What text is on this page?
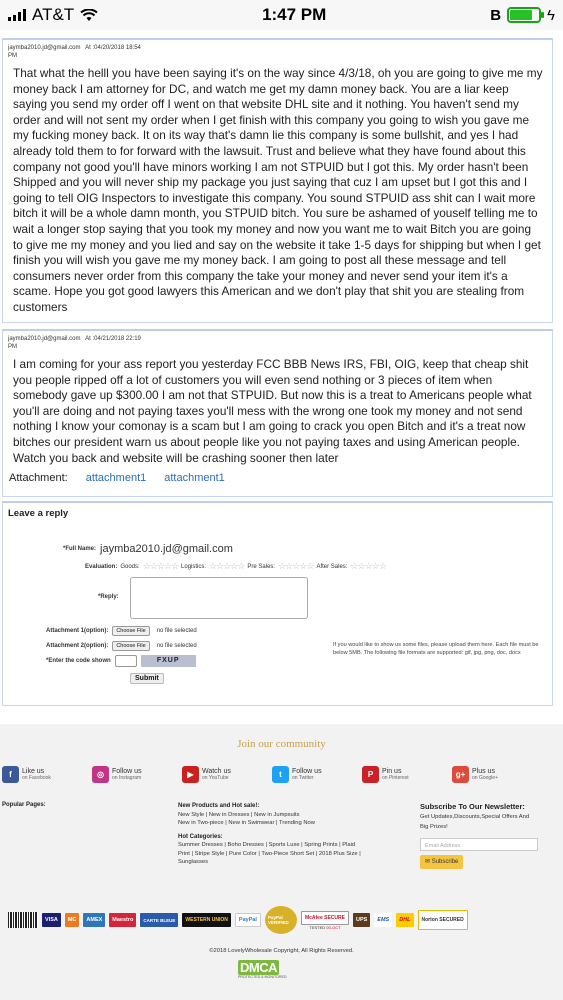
AT&T	1:47 PM	B	ϟ
jaymba2010.jd@gmail.com At :04/20/2018 18:54
PM
That what the helll you have been saying it's on the way since 4/3/18, oh you are going to give me my money back I am attorney for DC, and watch me get my damn money back. You are a liar keep saying you send my order off I went on that website DHL site and it nothing. You haven't send my order and will not sent my order when I get finish with this company you going to wish you gave me my fucking money back. It on its way that's damn lie this company is some bullshit, and yes I had already told them to for forward with the lawsuit. Trust and believe what they have found about this company not good you'll have minors working I am not STPUID but I got this. My order hasn't been Shipped and you will never ship my package you just saying that cuz I am upset but I got this and I going to tell OIG Inspectors to investigate this company. You sound STPUID ass shit can I wait more bitch it will be a whole damn month, you STPUID bitch. You sure be ashamed of youself telling me to wait a longer stop saying that you took my money and now you want me to wait Bitch you are going to give me my money and you lied and say on the website it take 1-5 days for shipping but when I get finish you will wish you gave me my money back. I am going to post all these message and tell consumers never order from this company the take your money and never send your item it's a scame. Hope you got good lawyers this American and we don't play that shit you are stealing from customers
jaymba2010.jd@gmail.com At :04/21/2018 22:19
PM
I am coming for your ass report you yesterday FCC BBB News IRS, FBI, OIG, keep that cheap shit you people ripped off a lot of customers you will even send nothing or 3 pieces of item when somebody gave up $300.00 I am not that STPUID. But now this is a treat to Americans people what you'll are doing and not paying taxes you'll mess with the wrong one took my money and not send nothing I know your comonay is a scam but I am going to crack you open Bitch and it's a treat now bitches our president warn us about people like you not paying taxes and using American people. Watch you back and website will be crashing sooner then later
Attachment: attachment1 attachment1
Leave a reply
*Full Name: jaymba2010.jd@gmail.com
Evaluation: Goods: ☆☆☆☆☆ Logistics: ☆☆☆☆☆ Pre Sales: ☆☆☆☆☆ After Sales: ☆☆☆☆☆
*Reply:
Attachment 1(option):	Choose File	no file selected
Attachment 2(option):	Choose File	no file selected
*Enter the code shown	FXUP
If you would like to show us some files, please upload them here. Each file must be below 5MB. The following file formats are supported: gif, jpg, png, doc, docx
Submit
Join our community
f	Like us
on Facebook	◎	Follow us
on Instagram	▶	Watch us
on YouTube	t	Follow us
on Twitter	P	Pin us
on Pinterest	g+ Plus us
on Google+
Popular Pages:	New Products and Hot sale!:
New Style | New in Dresses | New in Jumpsuits
New in Two-piece | New in Swimwear | Trending Now
Hot Categories:
Summer Dresses | Boho Dresses | Sports Luxe | Spring Prints | Plaid
Print | Stripe Style | Pure Color | Two-Piece Short Set | 2018 Plus Size |
Sunglasses
Subscribe To Our Newsletter:
Get Updates,Discounts,Special Offers And
Big Prizes!
Email Address
✉ Subscribe
VISA	MC	AMEX	Maestro	CARTE BLEUE	WESTERN UNION	PayPal	PayPal VERIFIED
McAfee SECURE
TESTED 05-OCT
UPS	EMS	DHL	Norton SECURED
©2018 LovelyWholesale Copyright, All Rights Reserved.
DMCA
PROTECTED & MONITORED
